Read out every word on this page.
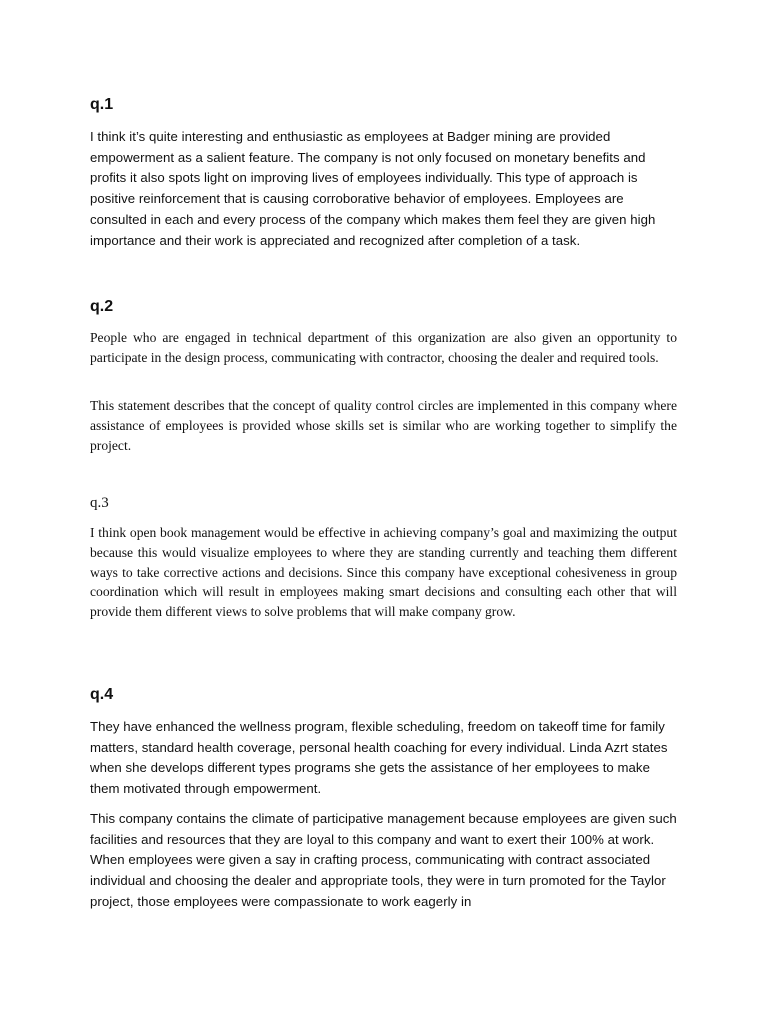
q.1

I think it’s quite interesting and enthusiastic as employees at Badger mining are provided empowerment as a salient feature. The company is not only focused on monetary benefits and profits it also spots light on improving lives of employees individually. This type of approach is positive reinforcement that is causing corroborative behavior of employees. Employees are consulted in each and every process of the company which makes them feel they are given high importance and their work is appreciated and recognized after completion of a task.

q.2

People who are engaged in technical department of this organization are also given an opportunity to participate in the design process, communicating with contractor, choosing the dealer and required tools.

This statement describes that the concept of quality control circles are implemented in this company where assistance of employees is provided whose skills set is similar who are working together to simplify the project.

q.3

I think open book management would be effective in achieving company’s goal and maximizing the output because this would visualize employees to where they are standing currently and teaching them different ways to take corrective actions and decisions. Since this company have exceptional cohesiveness in group coordination which will result in employees making smart decisions and consulting each other that will provide them different views to solve problems that will make company grow.

q.4

They have enhanced the wellness program, flexible scheduling, freedom on takeoff time for family matters, standard health coverage, personal health coaching for every individual. Linda Azrt states when she develops different types programs she gets the assistance of her employees to make them motivated through empowerment.

This company contains the climate of participative management because employees are given such facilities and resources that they are loyal to this company and want to exert their 100% at work. When employees were given a say in crafting process, communicating with contract associated individual and choosing the dealer and appropriate tools, they were in turn promoted for the Taylor project, those employees were compassionate to work eagerly in
